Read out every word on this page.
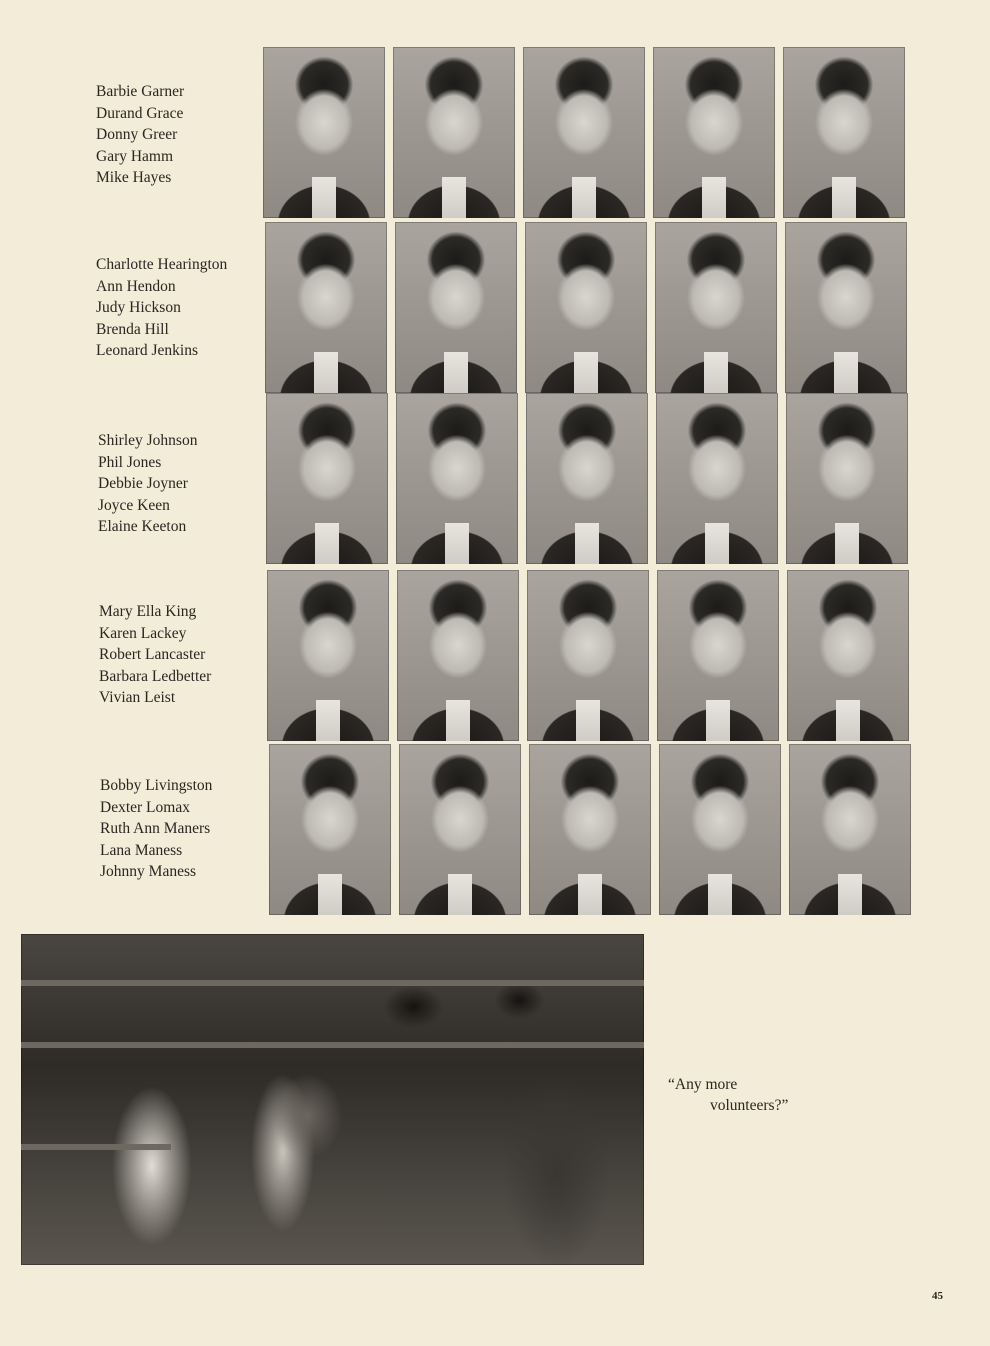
Barbie Garner
Durand Grace
Donny Greer
Gary Hamm
Mike Hayes
Charlotte Hearington
Ann Hendon
Judy Hickson
Brenda Hill
Leonard Jenkins
Shirley Johnson
Phil Jones
Debbie Joyner
Joyce Keen
Elaine Keeton
Mary Ella King
Karen Lackey
Robert Lancaster
Barbara Ledbetter
Vivian Leist
Bobby Livingston
Dexter Lomax
Ruth Ann Maners
Lana Maness
Johnny Maness
“Any more
volunteers?”
45
